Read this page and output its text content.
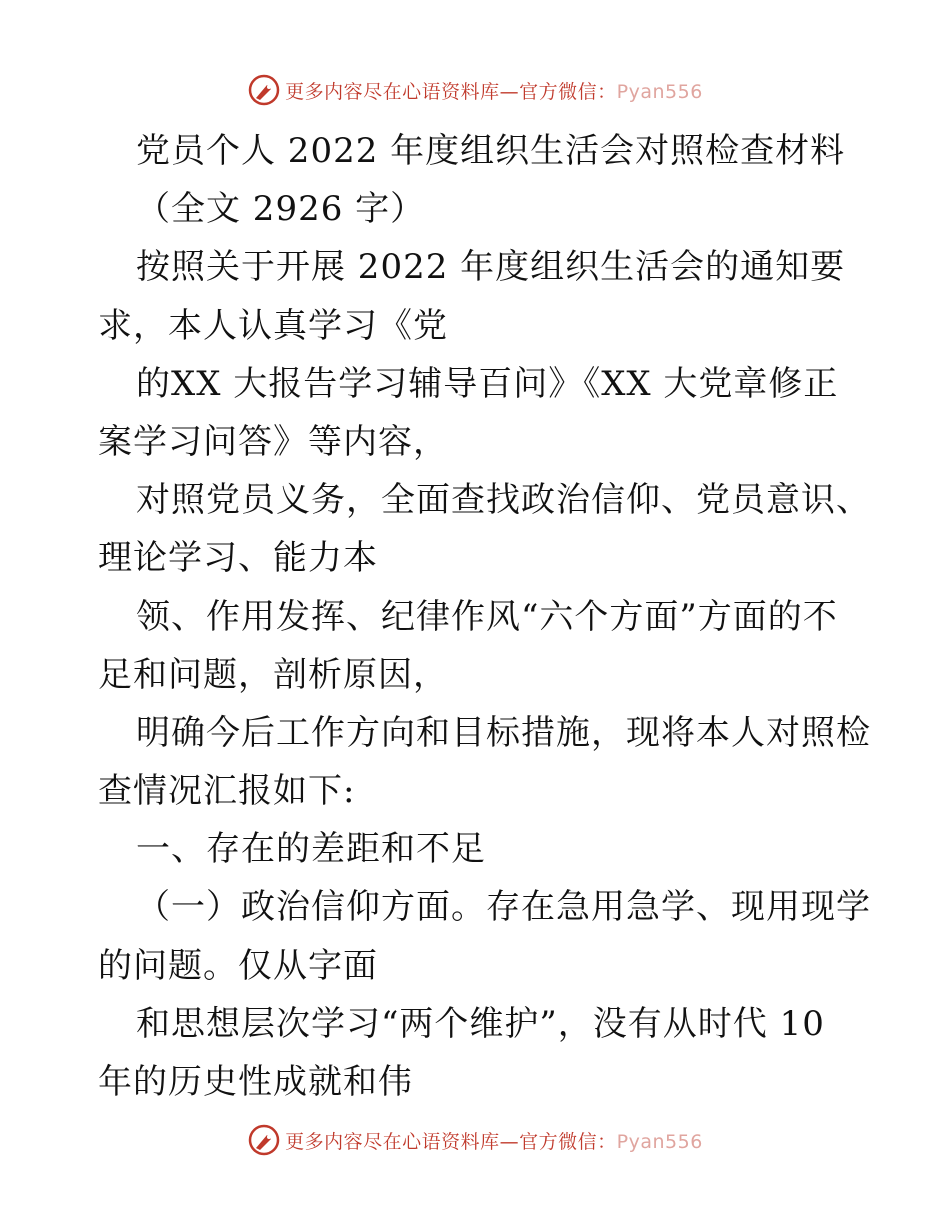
更多内容尽在心语资料库—官方微信：Pyan556
党员个人 2022 年度组织生活会对照检查材料
（全文 2926 字）
按照关于开展 2022 年度组织生活会的通知要
求，本人认真学习《党
的XX 大报告学习辅导百问》《XX 大党章修正
案学习问答》等内容，
对照党员义务，全面查找政治信仰、党员意识、
理论学习、能力本
领、作用发挥、纪律作风“六个方面”方面的不
足和问题，剖析原因，
明确今后工作方向和目标措施，现将本人对照检
查情况汇报如下:
一、存在的差距和不足
（一）政治信仰方面。存在急用急学、现用现学
的问题。仅从字面
和思想层次学习“两个维护”，没有从时代 10
年的历史性成就和伟
更多内容尽在心语资料库—官方微信：Pyan556
